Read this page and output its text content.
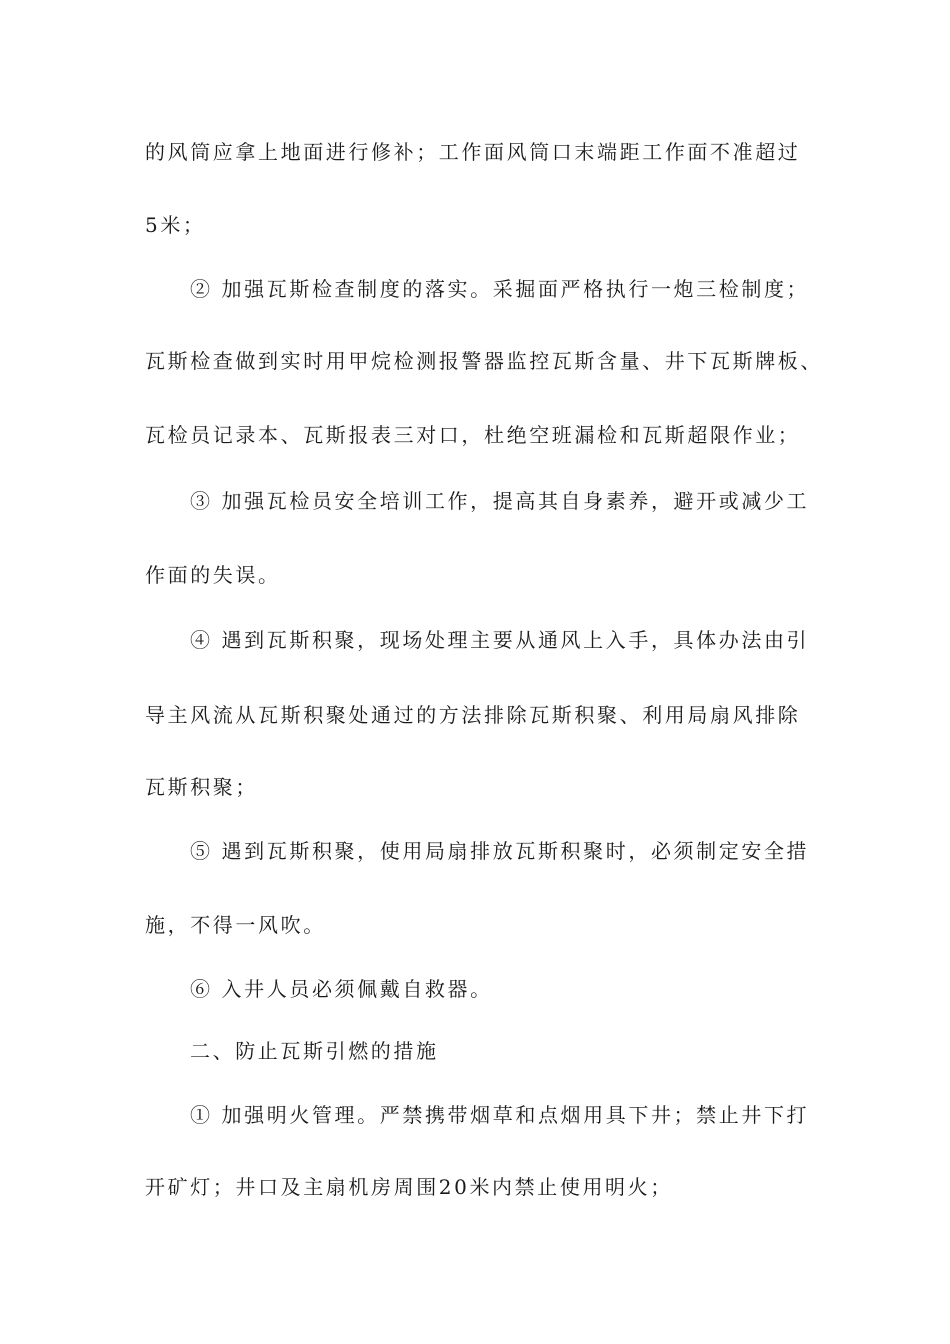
的风筒应拿上地面进行修补；工作面风筒口末端距工作面不准超过
5米；
② 加强瓦斯检查制度的落实。采掘面严格执行一炮三检制度；
瓦斯检查做到实时用甲烷检测报警器监控瓦斯含量、井下瓦斯牌板、
瓦检员记录本、瓦斯报表三对口，杜绝空班漏检和瓦斯超限作业；
③ 加强瓦检员安全培训工作，提高其自身素养，避开或减少工
作面的失误。
④ 遇到瓦斯积聚，现场处理主要从通风上入手，具体办法由引
导主风流从瓦斯积聚处通过的方法排除瓦斯积聚、利用局扇风排除
瓦斯积聚；
⑤ 遇到瓦斯积聚，使用局扇排放瓦斯积聚时，必须制定安全措
施，不得一风吹。
⑥ 入井人员必须佩戴自救器。
二、防止瓦斯引燃的措施
① 加强明火管理。严禁携带烟草和点烟用具下井；禁止井下打
开矿灯；井口及主扇机房周围20米内禁止使用明火；
